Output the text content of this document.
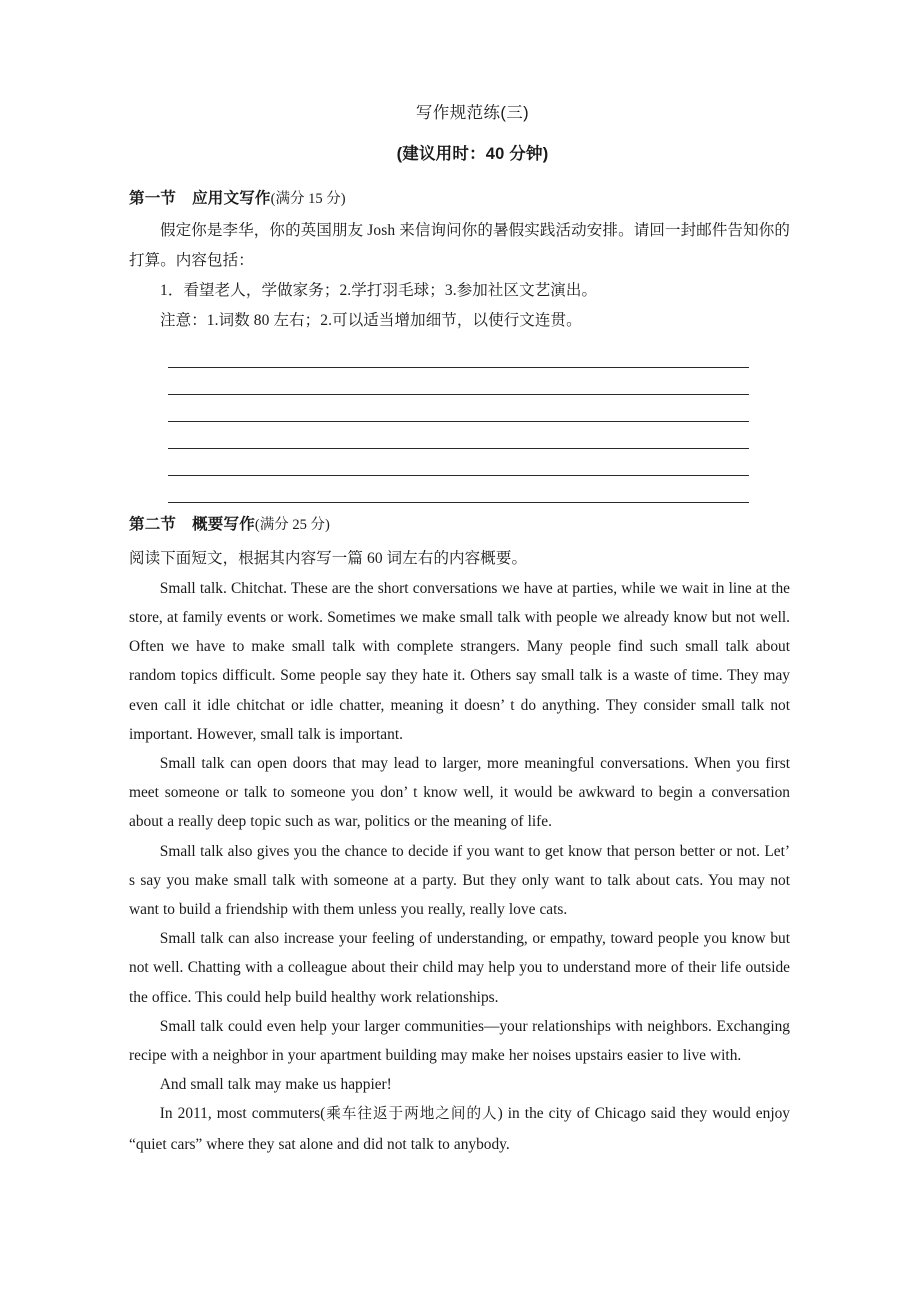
写作规范练(三)
(建议用时：40 分钟)
第一节 应用文写作(满分 15 分)

假定你是李华，你的英国朋友 Josh 来信询问你的暑假实践活动安排。请回一封邮件告知你的打算。内容包括：

1．看望老人，学做家务；2.学打羽毛球；3.参加社区文艺演出。

注意：1.词数 80 左右；2.可以适当增加细节，以使行文连贯。

第二节 概要写作(满分 25 分)

阅读下面短文，根据其内容写一篇 60 词左右的内容概要。

Small talk. Chitchat. These are the short conversations we have at parties, while we wait in line at the store, at family events or work. Sometimes we make small talk with people we already know but not well. Often we have to make small talk with complete strangers. Many people find such small talk about random topics difficult. Some people say they hate it. Others say small talk is a waste of time. They may even call it idle chitchat or idle chatter, meaning it doesn’ t do anything. They consider small talk not important. However, small talk is important.

Small talk can open doors that may lead to larger, more meaningful conversations. When you first meet someone or talk to someone you don’ t know well, it would be awkward to begin a conversation about a really deep topic such as war, politics or the meaning of life.

Small talk also gives you the chance to decide if you want to get know that person better or not. Let’ s say you make small talk with someone at a party. But they only want to talk about cats. You may not want to build a friendship with them unless you really, really love cats.

Small talk can also increase your feeling of understanding, or empathy, toward people you know but not well. Chatting with a colleague about their child may help you to understand more of their life outside the office. This could help build healthy work relationships.

Small talk could even help your larger communities—your relationships with neighbors. Exchanging recipe with a neighbor in your apartment building may make her noises upstairs easier to live with.

And small talk may make us happier!

In 2011, most commuters(乘车往返于两地之间的人) in the city of Chicago said they would enjoy “quiet cars” where they sat alone and did not talk to anybody.
